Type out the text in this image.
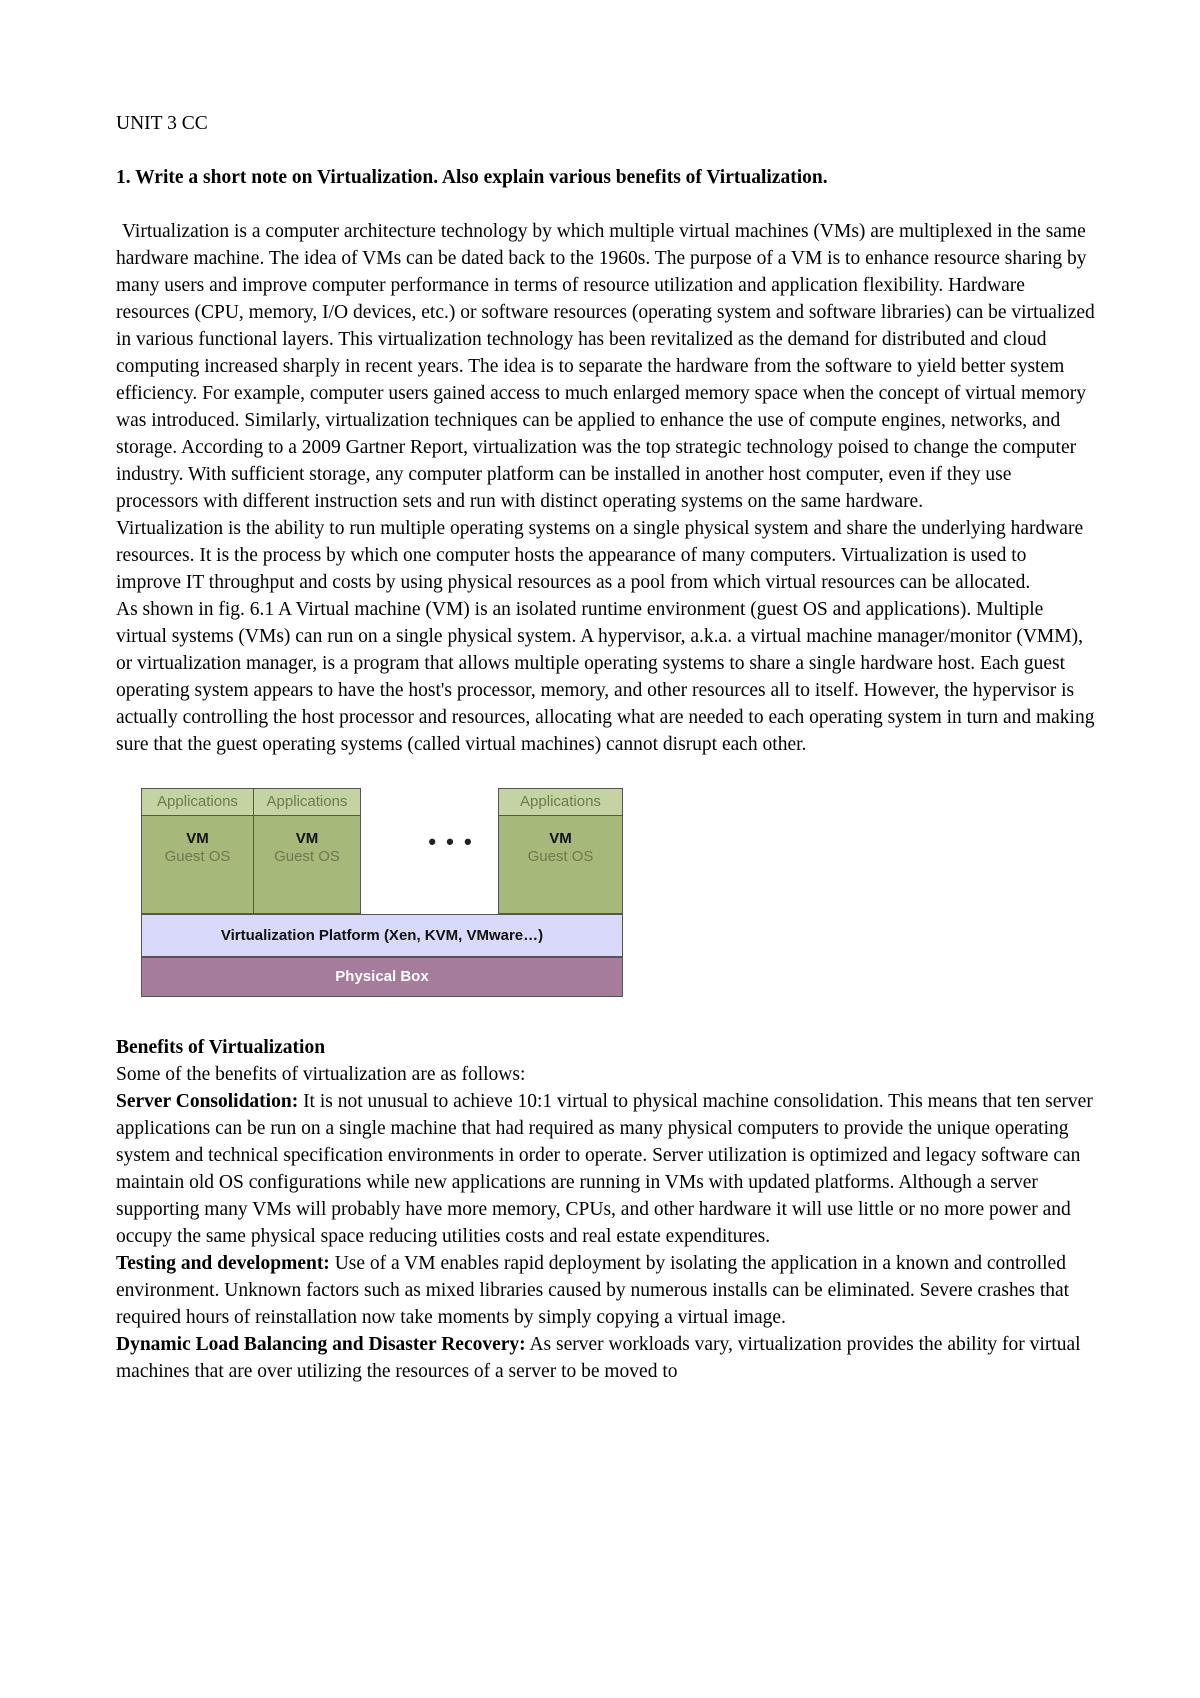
UNIT 3 CC

1. Write a short note on Virtualization. Also explain various benefits of Virtualization.

Virtualization is a computer architecture technology by which multiple virtual machines (VMs) are multiplexed in the same hardware machine. The idea of VMs can be dated back to the 1960s. The purpose of a VM is to enhance resource sharing by many users and improve computer performance in terms of resource utilization and application flexibility. Hardware resources (CPU, memory, I/O devices, etc.) or software resources (operating system and software libraries) can be virtualized in various functional layers. This virtualization technology has been revitalized as the demand for distributed and cloud computing increased sharply in recent years. The idea is to separate the hardware from the software to yield better system efficiency. For example, computer users gained access to much enlarged memory space when the concept of virtual memory was introduced. Similarly, virtualization techniques can be applied to enhance the use of compute engines, networks, and storage. According to a 2009 Gartner Report, virtualization was the top strategic technology poised to change the computer industry. With sufficient storage, any computer platform can be installed in another host computer, even if they use processors with different instruction sets and run with distinct operating systems on the same hardware.

Virtualization is the ability to run multiple operating systems on a single physical system and share the underlying hardware resources. It is the process by which one computer hosts the appearance of many computers. Virtualization is used to improve IT throughput and costs by using physical resources as a pool from which virtual resources can be allocated.

As shown in fig. 6.1 A Virtual machine (VM) is an isolated runtime environment (guest OS and applications). Multiple virtual systems (VMs) can run on a single physical system. A hypervisor, a.k.a. a virtual machine manager/monitor (VMM), or virtualization manager, is a program that allows multiple operating systems to share a single hardware host. Each guest operating system appears to have the host's processor, memory, and other resources all to itself. However, the hypervisor is actually controlling the host processor and resources, allocating what are needed to each operating system in turn and making sure that the guest operating systems (called virtual machines) cannot disrupt each other.

Applications
VM
Guest OS
Applications
VM
Guest OS
• • •
Applications
VM
Guest OS
Virtualization Platform (Xen, KVM, VMware…)
Physical Box

Benefits of Virtualization

Some of the benefits of virtualization are as follows:

Server Consolidation: It is not unusual to achieve 10:1 virtual to physical machine consolidation. This means that ten server applications can be run on a single machine that had required as many physical computers to provide the unique operating system and technical specification environments in order to operate. Server utilization is optimized and legacy software can maintain old OS configurations while new applications are running in VMs with updated platforms. Although a server supporting many VMs will probably have more memory, CPUs, and other hardware it will use little or no more power and occupy the same physical space reducing utilities costs and real estate expenditures.

Testing and development: Use of a VM enables rapid deployment by isolating the application in a known and controlled environment. Unknown factors such as mixed libraries caused by numerous installs can be eliminated. Severe crashes that required hours of reinstallation now take moments by simply copying a virtual image.

Dynamic Load Balancing and Disaster Recovery: As server workloads vary, virtualization provides the ability for virtual machines that are over utilizing the resources of a server to be moved to
